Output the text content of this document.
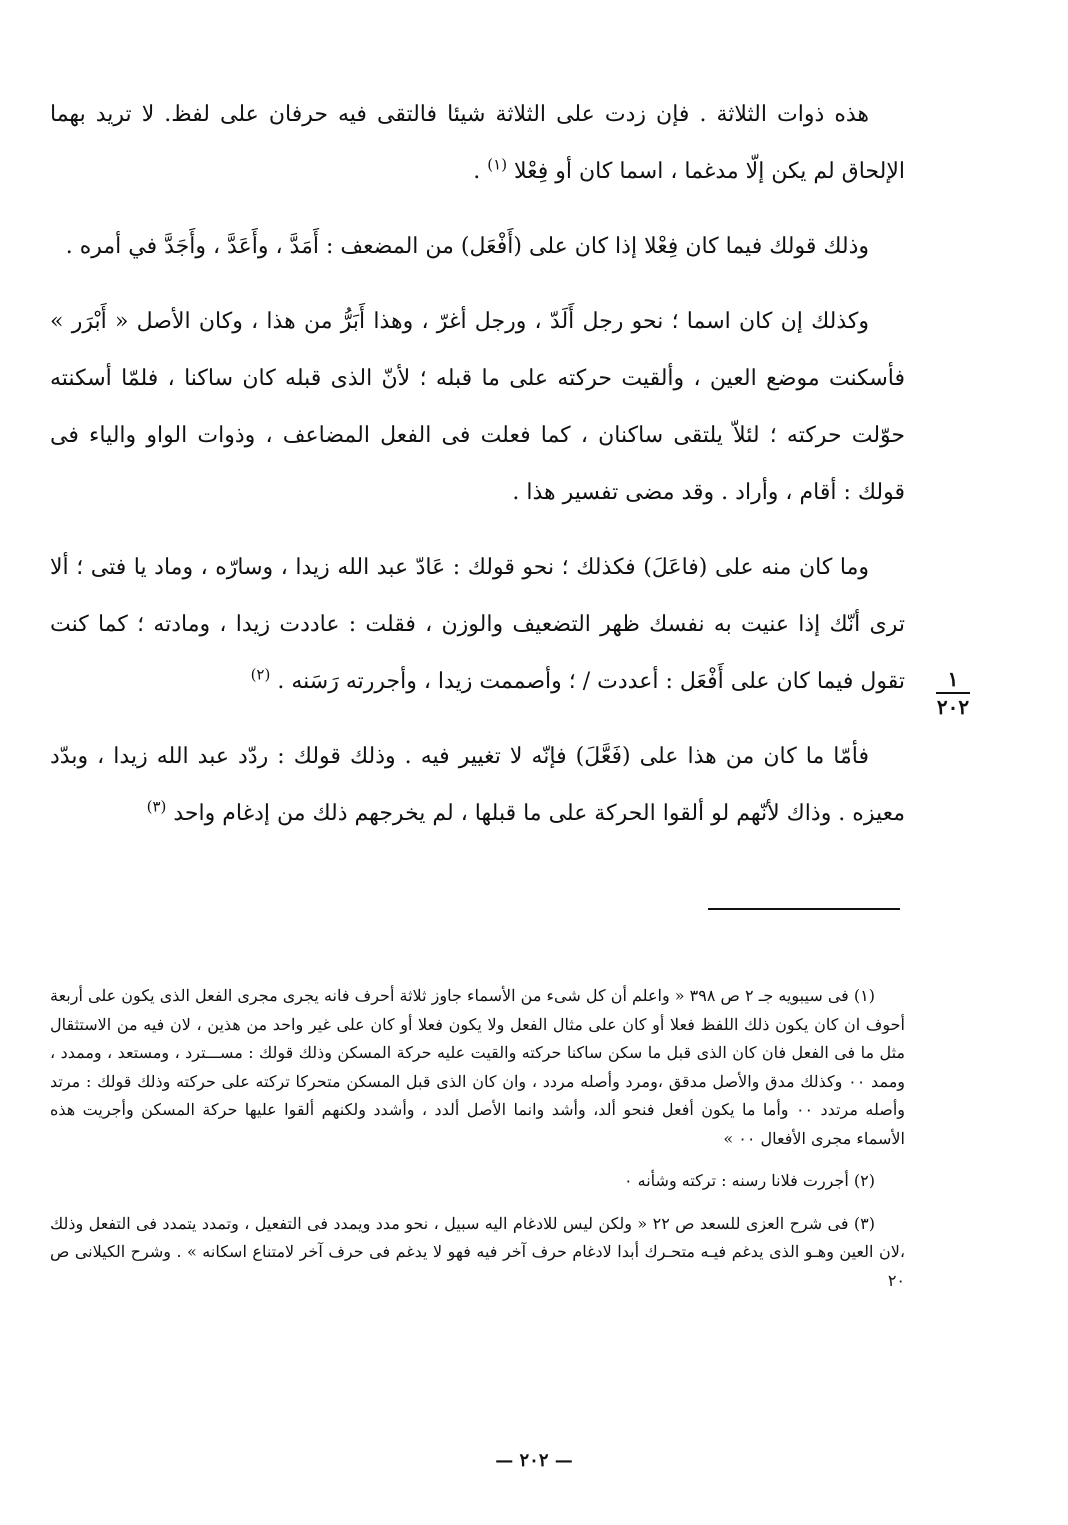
هذه ذوات الثلاثة . فإن زدت على الثلاثة شيئا فالتقى فيه حرفان على لفظ. لا تريد بهما الإلحاق لم يكن إلّا مدغما ، اسما كان أو فِعْلا $^{(١)}$ .

وذلك قولك فيما كان فِعْلا إذا كان على (أَفْعَل) من المضعف : أَمَدَّ ، وأَعَدَّ ، وأَجَدَّ في أمره .

وكذلك إن كان اسما ؛ نحو رجل أَلَدّ ، ورجل أغرّ ، وهذا أَبَرُّ من هذا ، وكان الأصل « أَبْرَر » فأسكنت موضع العين ، وألقيت حركته على ما قبله ؛ لأنّ الذى قبله كان ساكنا ، فلمّا أسكنته حوّلت حركته ؛ لئلاّ يلتقى ساكنان ، كما فعلت فى الفعل المضاعف ، وذوات الواو والياء فى قولك : أقام ، وأراد . وقد مضى تفسير هذا .

وما كان منه على (فاعَلَ) فكذلك ؛ نحو قولك : عَادّ عبد الله زيدا ، وسارّه ، وماد يا فتى ؛ ألا ترى أنّك إذا عنيت به نفسك ظهر التضعيف والوزن ، فقلت : عاددت زيدا ، ومادته ؛ كما كنت تقول فيما كان على أَفْعَل : أعددت / ؛ وأصممت زيدا ، وأجررته رَسَنه . $^{(٢)}$

فأمّا ما كان من هذا على (فَعَّلَ) فإنّه لا تغيير فيه . وذلك قولك : ردّد عبد الله زيدا ، وبدّد معيزه . وذاك لأنّهم لو ألقوا الحركة على ما قبلها ، لم يخرجهم ذلك من إدغام واحد $^{(٣)}$

١
٢٠٢

(١) فى سيبويه جـ ٢ ص ٣٩٨ « واعلم أن كل شىء من الأسماء جاوز ثلاثة أحرف فانه يجرى مجرى الفعل الذى يكون على أربعة أحوف ان كان يكون ذلك اللفظ فعلا أو كان على مثال الفعل ولا يكون فعلا أو كان على غير واحد من هذين ، لان فيه من الاستثقال مثل ما فى الفعل فان كان الذى قبل ما سكن ساكنا حركته والقيت عليه حركة المسكن وذلك قولك : مســـترد ، ومستعد ، وممدد ، وممد ٠٠ وكذلك مدق والأصل مدقق ،ومرد وأصله مردد ، وان كان الذى قبل المسكن متحركا تركته على حركته وذلك قولك : مرتد وأصله مرتدد ٠٠ وأما ما يكون أفعل فنحو ألد، وأشد وانما الأصل ألدد ، وأشدد ولكنهم ألقوا عليها حركة المسكن وأجريت هذه الأسماء مجرى الأفعال ٠٠ »

(٢) أجررت فلانا رسنه : تركته وشأنه ٠

(٣) فى شرح العزى للسعد ص ٢٢ « ولكن ليس للادغام اليه سبيل ، نحو مدد ويمدد فى التفعيل ، وتمدد يتمدد فى التفعل وذلك ،لان العين وهـو الذى يدغم فيـه متحـرك أبدا لادغام حرف آخر فيه فهو لا يدغم فى حرف آخر لامتناع اسكانه » . وشرح الكيلانى ص ٢٠

— ٢٠٢ —
